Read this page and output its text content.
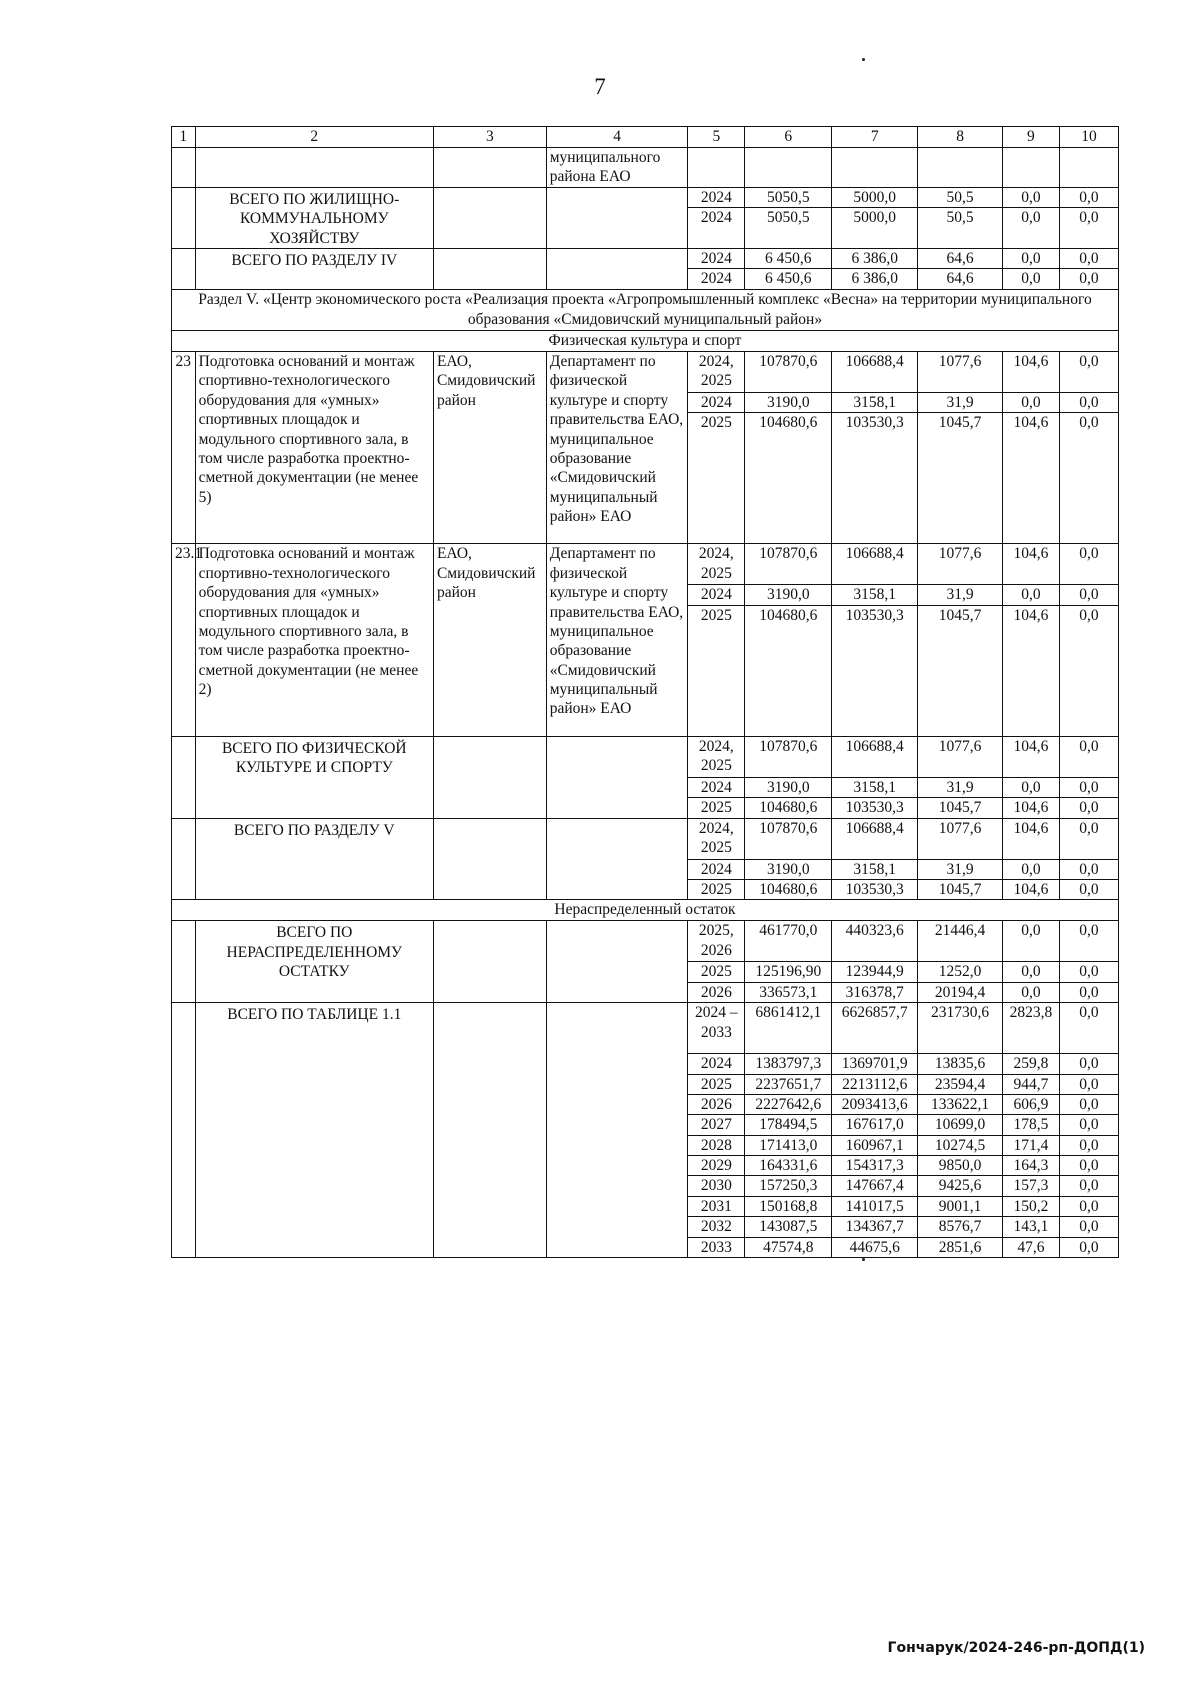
7
1	2	3	4	5	6	7	8	9	10
			муниципального района ЕАО						
	ВСЕГО ПО ЖИЛИЩНО-КОММУНАЛЬНОМУ ХОЗЯЙСТВУ			2024	5050,5	5000,0	50,5	0,0	0,0
				2024	5050,5	5000,0	50,5	0,0	0,0
	ВСЕГО ПО РАЗДЕЛУ IV			2024	6 450,6	6 386,0	64,6	0,0	0,0
				2024	6 450,6	6 386,0	64,6	0,0	0,0
Раздел V. «Центр экономического роста «Реализация проекта «Агропромышленный комплекс «Весна» на территории муниципального образования «Смидовичский муниципальный район»									
Физическая культура и спорт									
23	Подготовка оснований и монтаж спортивно-технологического оборудования для «умных» спортивных площадок и модульного спортивного зала, в том числе разработка проектно-сметной документации (не менее 5)	ЕАО, Смидовичский район	Департамент по физической культуре и спорту правительства ЕАО, муниципальное образование «Смидовичский муниципальный район» ЕАО	2024, 2025	107870,6	106688,4	1077,6	104,6	0,0
				2024	3190,0	3158,1	31,9	0,0	0,0
				2025	104680,6	103530,3	1045,7	104,6	0,0
23.1	Подготовка оснований и монтаж спортивно-технологического оборудования для «умных» спортивных площадок и модульного спортивного зала, в том числе разработка проектно-сметной документации (не менее 2)	ЕАО, Смидовичский район	Департамент по физической культуре и спорту правительства ЕАО, муниципальное образование «Смидовичский муниципальный район» ЕАО	2024, 2025	107870,6	106688,4	1077,6	104,6	0,0
				2024	3190,0	3158,1	31,9	0,0	0,0
				2025	104680,6	103530,3	1045,7	104,6	0,0
	ВСЕГО ПО ФИЗИЧЕСКОЙ КУЛЬТУРЕ И СПОРТУ			2024, 2025	107870,6	106688,4	1077,6	104,6	0,0
				2024	3190,0	3158,1	31,9	0,0	0,0
				2025	104680,6	103530,3	1045,7	104,6	0,0
	ВСЕГО ПО РАЗДЕЛУ V			2024, 2025	107870,6	106688,4	1077,6	104,6	0,0
				2024	3190,0	3158,1	31,9	0,0	0,0
				2025	104680,6	103530,3	1045,7	104,6	0,0
Нераспределенный остаток									
	ВСЕГО ПО НЕРАСПРЕДЕЛЕННОМУ ОСТАТКУ			2025, 2026	461770,0	440323,6	21446,4	0,0	0,0
				2025	125196,90	123944,9	1252,0	0,0	0,0
				2026	336573,1	316378,7	20194,4	0,0	0,0
	ВСЕГО ПО ТАБЛИЦЕ 1.1			2024 – 2033	6861412,1	6626857,7	231730,6	2823,8	0,0
				2024	1383797,3	1369701,9	13835,6	259,8	0,0
				2025	2237651,7	2213112,6	23594,4	944,7	0,0
				2026	2227642,6	2093413,6	133622,1	606,9	0,0
				2027	178494,5	167617,0	10699,0	178,5	0,0
				2028	171413,0	160967,1	10274,5	171,4	0,0
				2029	164331,6	154317,3	9850,0	164,3	0,0
				2030	157250,3	147667,4	9425,6	157,3	0,0
				2031	150168,8	141017,5	9001,1	150,2	0,0
				2032	143087,5	134367,7	8576,7	143,1	0,0
				2033	47574,8	44675,6	2851,6	47,6	0,0
Гончарук/2024-246-рп-ДОПД(1)
